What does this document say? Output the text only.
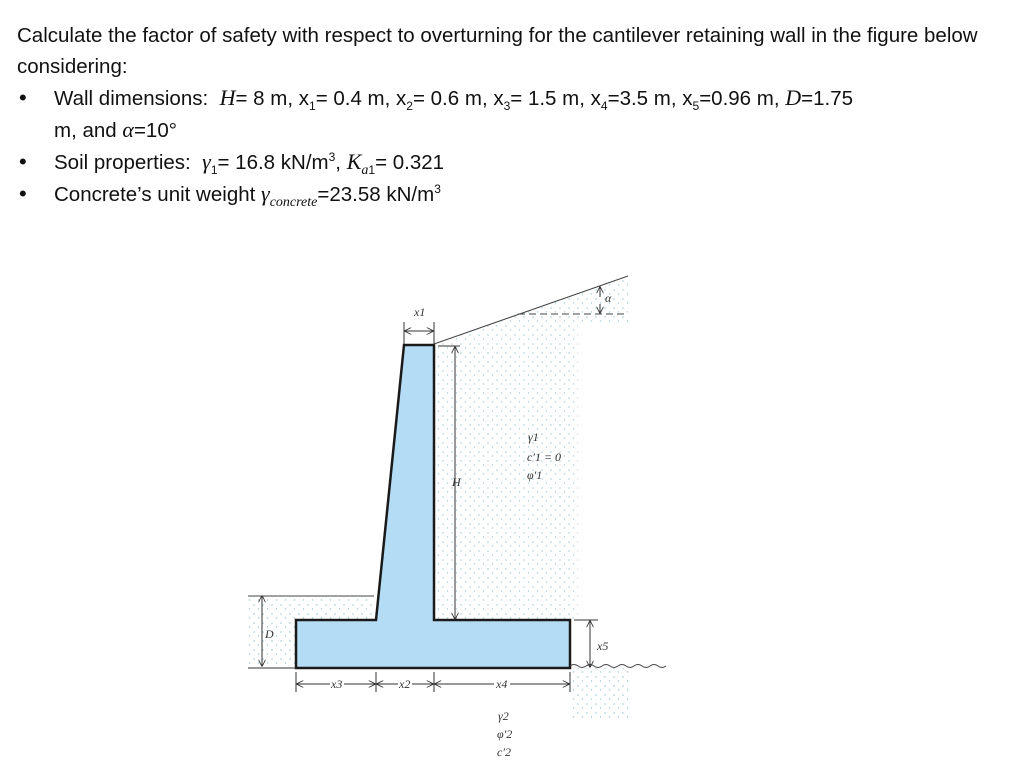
Calculate the factor of safety with respect to overturning for the cantilever retaining wall in the figure below considering:

• Wall dimensions: H= 8 m, $x_1= 0.4$ m, $x_2= 0.6$ m, $x_3= 1.5$ m, $x_4=3.5$ m, $x_5=0.96$ m, D=1.75
m, and α=10°
• Soil properties: $\gamma_1= 16.8$ $kN/m^3$, $K_{a1}= 0.321$
• Concrete’s unit weight $\gamma_{concrete}=23.58$ $kN/m^3$
α
x1
H
γ1
c′1 = 0
φ′1
D
x5
x3	x2	x4
γ2
φ′2
c′2
